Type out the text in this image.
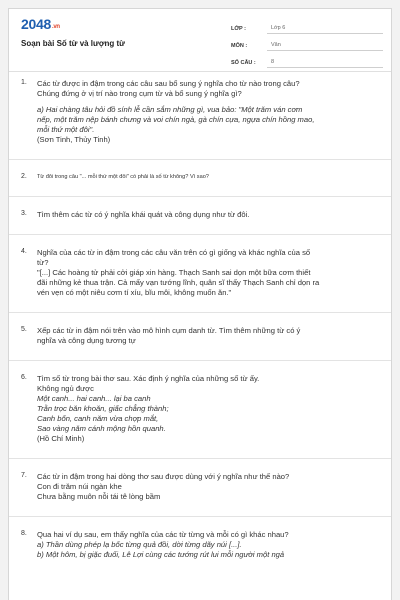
2048.vn
Soạn bài Số từ và lượng từ
LỚP :	Lớp 6
MÔN :	Văn
SỐ CÂU :	8
1. Các từ được in đậm trong các câu sau bổ sung ý nghĩa cho từ nào trong câu?
Chúng đứng ở vị trí nào trong cụm từ và bổ sung ý nghĩa gì?
a) Hai chàng tâu hỏi đồ sính lễ cần sắm những gì, vua bảo: "Một trăm ván cơm
nếp, một trăm nệp bánh chưng và voi chín ngà, gà chín cựa, ngựa chín hồng mao,
mỗi thứ một đôi".
(Sơn Tinh, Thủy Tinh)
2. Từ đôi trong câu "... mỗi thứ một đôi" có phải là số từ không? Vì sao?
3. Tìm thêm các từ có ý nghĩa khái quát và công dụng như từ đôi.
4. Nghĩa của các từ in đậm trong các câu văn trên có gì giống và khác nghĩa của số
từ?
"[...] Các hoàng tử phải cởi giáp xin hàng. Thạch Sanh sai dọn một bữa cơm thiết
đãi những kẻ thua trận. Cả mấy vạn tướng lĩnh, quân sĩ thấy Thạch Sanh chỉ dọn ra
vén vẹn có một niêu cơm tí xíu, bĩu môi, không muốn ăn."
5. Xếp các từ in đậm nói trên vào mô hình cụm danh từ. Tìm thêm những từ có ý
nghĩa và công dụng tương tự
6. Tìm số từ trong bài thơ sau. Xác định ý nghĩa của những số từ ấy.
Không ngủ được
Một canh... hai canh... lại ba canh
Trằn trọc băn khoăn, giấc chẳng thành;
Canh bốn, canh năm vừa chợp mắt,
Sao vàng năm cánh mộng hồn quanh.
(Hồ Chí Minh)
7. Các từ in đậm trong hai dòng thơ sau được dùng với ý nghĩa như thế nào?
Con đi trăm núi ngàn khe
Chưa bằng muôn nỗi tái tê lòng bầm
8. Qua hai ví dụ sau, em thấy nghĩa của các từ từng và mỗi có gì khác nhau?
a) Thần dùng phép lạ bốc từng quả đồi, dời từng dãy núi [...].
b) Một hôm, bị giặc đuổi, Lê Lợi cùng các tướng rút lui mỗi người một ngả
